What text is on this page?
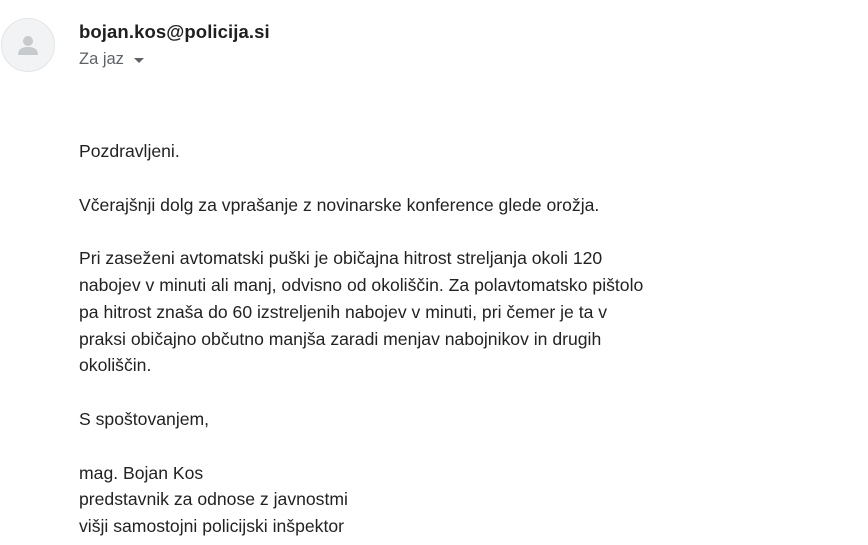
bojan.kos@policija.si
Za jaz

Pozdravljeni.

Včerajšnji dolg za vprašanje z novinarske konference glede orožja.

Pri zaseženi avtomatski puški je običajna hitrost streljanja okoli 120
nabojev v minuti ali manj, odvisno od okoliščin. Za polavtomatsko pištolo
pa hitrost znaša do 60 izstreljenih nabojev v minuti, pri čemer je ta v
praksi običajno občutno manjša zaradi menjav nabojnikov in drugih
okoliščin.

S spoštovanjem,

mag. Bojan Kos
predstavnik za odnose z javnostmi
višji samostojni policijski inšpektor
